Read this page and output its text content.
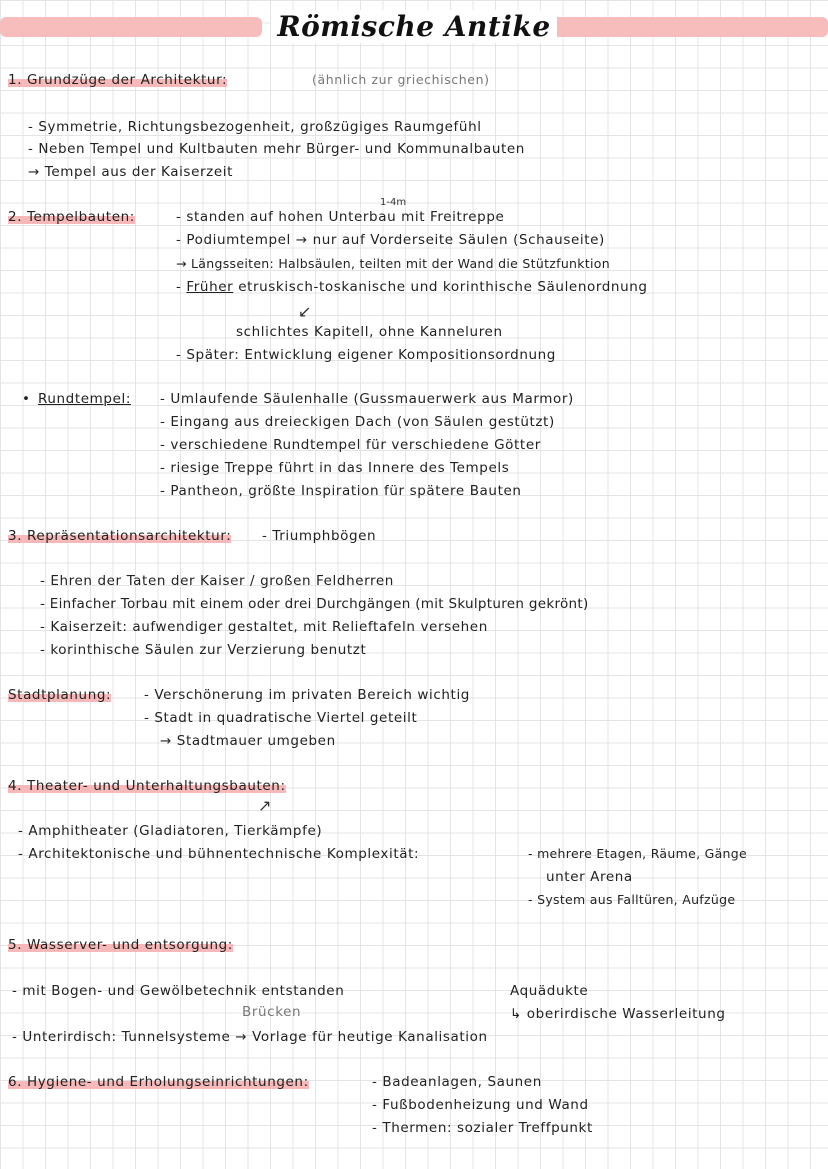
Römische Antike
1. Grundzüge der Architektur:	(ähnlich zur griechischen)
- Symmetrie, Richtungsbezogenheit, großzügiges Raumgefühl
- Neben Tempel und Kultbauten mehr Bürger- und Kommunalbauten
→ Tempel aus der Kaiserzeit
1-4m
2. Tempelbauten:	- standen auf hohen Unterbau mit Freitreppe
- Podiumtempel → nur auf Vorderseite Säulen (Schauseite)
→ Längsseiten: Halbsäulen, teilten mit der Wand die Stützfunktion
- Früher etruskisch-toskanische und korinthische Säulenordnung
↙
schlichtes Kapitell, ohne Kanneluren
- Später: Entwicklung eigener Kompositionsordnung
• Rundtempel: - Umlaufende Säulenhalle (Gussmauerwerk aus Marmor)
- Eingang aus dreieckigen Dach (von Säulen gestützt)
- verschiedene Rundtempel für verschiedene Götter
- riesige Treppe führt in das Innere des Tempels
- Pantheon, größte Inspiration für spätere Bauten
3. Repräsentationsarchitektur: - Triumphbögen
- Ehren der Taten der Kaiser / großen Feldherren
- Einfacher Torbau mit einem oder drei Durchgängen (mit Skulpturen gekrönt)
- Kaiserzeit: aufwendiger gestaltet, mit Relieftafeln versehen
- korinthische Säulen zur Verzierung benutzt
Stadtplanung: - Verschönerung im privaten Bereich wichtig
- Stadt in quadratische Viertel geteilt
→ Stadtmauer umgeben
4. Theater- und Unterhaltungsbauten:
↗
- Amphitheater (Gladiatoren, Tierkämpfe)
- Architektonische und bühnentechnische Komplexität:	- mehrere Etagen, Räume, Gänge
unter Arena
- System aus Falltüren, Aufzüge
5. Wasserver- und entsorgung:
- mit Bogen- und Gewölbetechnik entstanden	Aquädukte
Brücken	↳ oberirdische Wasserleitung
- Unterirdisch: Tunnelsysteme → Vorlage für heutige Kanalisation
6. Hygiene- und Erholungseinrichtungen:	- Badeanlagen, Saunen
- Fußbodenheizung und Wand
- Thermen: sozialer Treffpunkt
